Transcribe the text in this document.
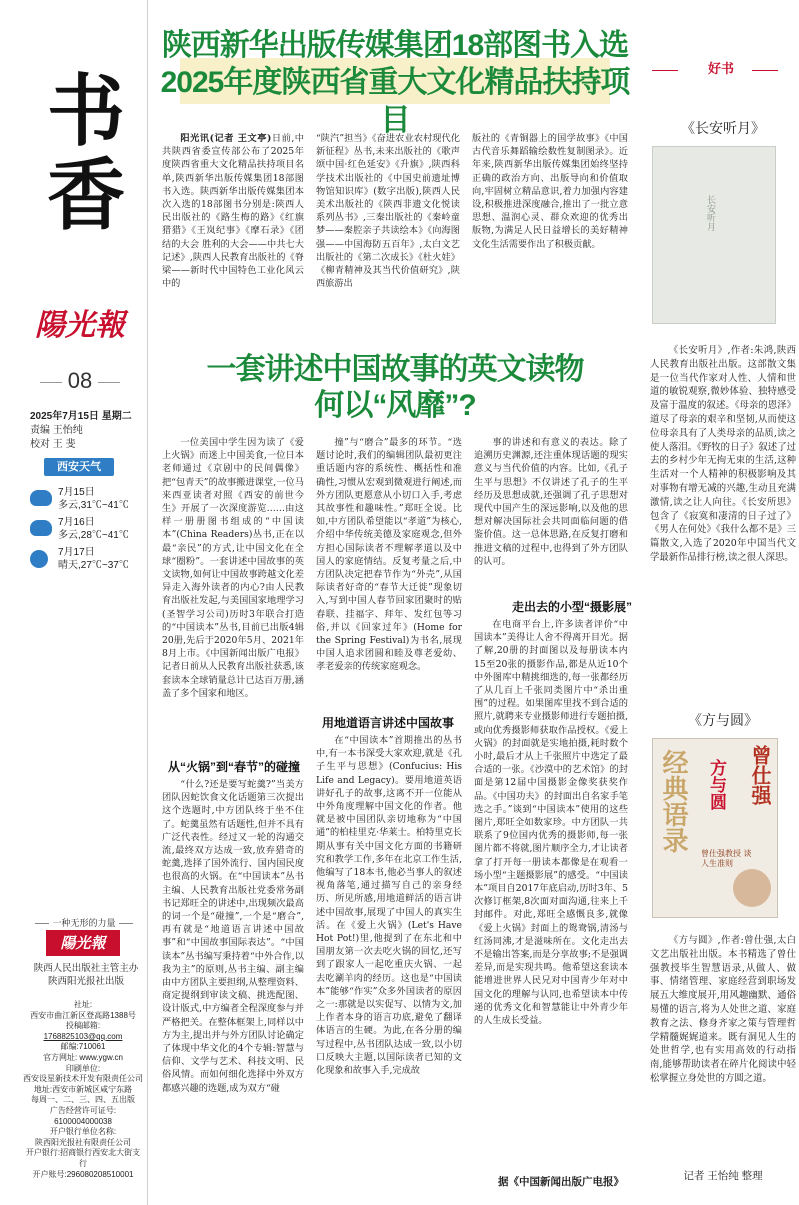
书香
陽光報
08
2025年7月15日 星期二
责编 王怡纯
校对 王 斐
西安天气
7月15日
多云,31℃~41℃
7月16日
多云,28℃~41℃
7月17日
晴天,27℃~37℃
一种无形的力量
陽光報
陕西人民出版社主管主办
陕西阳光报社出版
社址:
西安市曲江新区登高路1388号
投稿邮箱:
1768825103@qq.com
邮编:710061
官方网址: www.ygw.cn
印刷单位:
西安设星新技术开发有限责任公司
地址:西安市新城区咸宁东路
每周一、二、三、四、五出版
广告经营许可证号:
6100004000038
开户银行单位名称:
陕西阳光报社有限责任公司
开户银行:招商银行西安北大街支行
开户账号:296080208510001
陕西新华出版传媒集团18部图书入选
2025年度陕西省重大文化精品扶持项目

阳光讯(记者 王文亭)日前,中共陕西省委宣传部公布了2025年度陕西省重大文化精品扶持项目名单,陕西新华出版传媒集团18部图书入选。陕西新华出版传媒集团本次入选的18部图书分别是:陕西人民出版社的《路生梅的路》《红旗猎猎》《王岚纪事》《摩石录》《团结的大会 胜利的大会——中共七大记述》,陕西人民教育出版社的《脊梁——新时代中国特色工业化风云中的

“陕汽”担当》《奋进农业农村现代化新征程》丛书,未来出版社的《歌声颂中国·红色延安》《升旗》,陕西科学技术出版社的《中国史前遗址博物馆知识库》(数字出版),陕西人民美术出版社的《陕西非遗文化悦读系列丛书》,三秦出版社的《秦岭童梦——秦腔亲子共读绘本》《向海图强——中国海防五百年》,太白文艺出版社的《第二次成长》《杜火娃》《柳青精神及其当代价值研究》,陕西旅游出
版社的《青铜器上的国学故事》《中国古代音乐舞蹈输绘数性复制图录》。近年来,陕西新华出版传媒集团始终坚持正确的政治方向、出版导向和价值取向,牢固树立精品意识,着力加强内容建设,积极推进深度融合,推出了一批立意思想、温润心灵、群众欢迎的优秀出版物,为满足人民日益增长的美好精神文化生活需要作出了积极贡献。
一套讲述中国故事的英文读物
何以“风靡”?

一位美国中学生因为读了《爱上火锅》而迷上中国美食,一位日本老师通过《京剧中的民间偶像》把“包青天”的故事搬进课堂,一位马来西亚读者对照《西安的前世今生》开展了一次深度游览……由这样一册册图书组成的“中国读本”(China Readers)丛书,正在以最“亲民”的方式,让中国文化在全球“圈粉”。一套讲述中国故事的英文读物,如何让中国故事跨越文化差异走入海外读者的内心?由人民教育出版社发起,与美国国家地理学习(圣智学习公司)历时3年联合打造的“中国读本”丛书,目前已出版4辑20册,先后于2020年5月、2021年8月上市。《中国新闻出版广电报》记者日前从人民教育出版社获悉,该套读本全球销量总计已达百万册,涵盖了多个国家和地区。

从“火锅”到“春节”的碰撞

“什么?还是要写蛇羹?”当美方团队因蛇饮食文化话题第三次提出这个选题时,中方团队终于坐不住了。蛇羹虽然有话题性,但并不具有广泛代表性。经过又一轮的沟通交流,最终双方达成一致,放弃猎奇的蛇羹,选择了国外流行、国内国民度也很高的火锅。在“中国读本”丛书主编、人民教育出版社党委常务副书记郑旺全的讲述中,出现频次最高的词一个是“碰撞”,一个是“磨合”,再有就是“地道语言讲述中国故事”和“中国故事国际表达”。“中国读本”丛书编写秉持着“中外合作,以我为主”的原则,丛书主编、副主编由中方团队主要担纲,从整理资料、商定提纲到审读文稿、挑选配图、设计版式,中方编者全程深度参与并严格把关。在整体框架上,同样以中方为主,提出并与外方团队讨论确定了体现中华文化的4个专辑:智慧与信仰、文学与艺术、科技文明、民俗风情。而如何细化选择中外双方都感兴趣的选题,成为双方“碰

撞”与“磨合”最多的环节。“选题讨论时,我们的编辑团队最初更注重话题内容的系统性、概括性和准确性,习惯从宏观到微观进行阐述,而外方团队更愿意从小切口入手,考虑其故事性和趣味性。”郑旺全说。比如,中方团队希望能以“孝道”为核心,介绍中华传统美德及家庭观念,但外方担心国际读者不理解孝道以及中国人的家庭情结。反复考量之后,中方团队决定把春节作为“外壳”,从国际读者好奇的“春节大迁徙”现象切入,写到中国人春节回家团聚时的贴春联、挂福字、拜年、发红包等习俗,并以《回家过年》(Home for the Spring Festival)为书名,展现中国人追求团圆和睦及尊老爱幼、孝老爱亲的传统家庭观念。

用地道语言讲述中国故事

在“中国读本”首期推出的丛书中,有一本书深受大家欢迎,就是《孔子生平与思想》(Confucius: His Life and Legacy)。要用地道英语讲好孔子的故事,这离不开一位能从中外角度理解中国文化的作者。他就是被中国团队亲切地称为“中国通”的柏桂里克·华莱士。柏特里克长期从事有关中国文化方面的书籍研究和教学工作,多年在北京工作生活,他编写了18本书,他必当事人的叙述视角落笔,通过描写自己的亲身经历、所见所感,用地道鲜活的语言讲述中国故事,展现了中国人的真实生活。在《爱上火锅》(Let's Have Hot Pot!)里,他提到了在东北和中国朋友第一次去吃火锅的回忆,还写到了跟家人一起吃重庆火锅、一起去吃涮羊肉的经历。这也是“中国读本”能够“作实”众多外国读者的原因之一:那就是以实促写、以情为文,加上作者本身的语言功底,避免了翻译体语言的生硬。为此,在各分册的编写过程中,丛书团队达成一致,以小切口反映大主题,以国际读者已知的文化现象和故事入手,完成故

事的讲述和有意义的表达。除了追溯历史渊源,还注重体现话题的现实意义与当代价值的内容。比如,《孔子生平与思想》不仅讲述了孔子的生平经历及思想成就,还强调了孔子思想对现代中国产生的深远影响,以及他的思想对解决国际社会共同面临问题的借鉴价值。这一总体思路,在反复打磨和推进文稿的过程中,也得到了外方团队的认可。

走出去的小型“摄影展”

在电商平台上,许多读者评价“中国读本”美得让人舍不得离开目光。据了解,20册的封面图以及每册读本内15至20张的摄影作品,都是从近10个中外图库中精挑细选的,每一张都经历了从几百上千张同类图片中“杀出重围”的过程。如果图库里找不到合适的照片,就聘来专业摄影师进行专题拍摄,或向优秀摄影师获取作品授权。《爱上火锅》的封面就是实地拍摄,耗时数个小时,最后才从上千张照片中选定了最合适的一张。《沙漠中的艺术馆》的封面是第12届中国摄影金像奖获奖作品。《中国功夫》的封面出自名家手笔选之手。”谈到“中国读本”使用的这些图片,郑旺全如数家珍。中方团队一共联系了9位国内优秀的摄影师,每一张图片都不将就,图片顺序全力,才让读者拿了打开每一册读本都像是在观看一场小型“主题摄影展”的感受。“中国读本”项目自2017年底启动,历时3年、5次修订框架,8次面对面沟通,往来上千封邮件。对此,郑旺全感慨良多,就像《爱上火锅》封面上的鸳鸯锅,清汤与红汤同沸,才是滋味所在。文化走出去不是输出答案,而是分享故事;不是强调差异,而是实现共鸣。他希望这套读本能增进世界人民兄对中国青少年对中国文化的理解与认同,也希望读本中传递的优秀文化和智慧能让中外青少年的人生成长受益。

据《中国新闻出版广电报》
好书
《长安听月》
长安听月

《长安听月》,作者:朱鸿,陕西人民教育出版社出版。这部散文集是一位当代作家对人性、人情和世道的敏锐观察,微妙体验、独特感受及富于温度的叙述。《母亲的恩泽》道尽了母亲的艰辛和坚韧,从而使这位母亲具有了人类母亲的品质,读之使人落泪。《野牧的日子》叙述了过去的乡村少年无拘无束的生活,这种生活对一个人精神的积极影响及其对事物有增无减的兴趣,生动且充满激情,读之让人向往。《长安所思》包含了《寂寞和凄清的日子过了》《男人在何处》《我什么都不是》三篇散文,入选了2020年中国当代文学最新作品排行榜,读之很人深思。

《方与圆》
经典语录 方与圆 曾仕强
曾仕强教授 谈人生准则

《方与圆》,作者:曾仕强,太白文艺出版社出版。本书精选了曾仕强教授毕生智慧语录,从做人、做事、情绪管理、家庭经营到职场发展五大维度展开,用风趣幽默、通俗易懂的语言,将为人处世之道、家庭教育之法、修身齐家之策与管理哲学精髓娓娓道来。既有洞见人生的处世哲学,也有实用高效的行动指南,能够帮助读者在碎片化阅读中轻松掌握立身处世的方圆之道。

记者 王怡纯 整理
